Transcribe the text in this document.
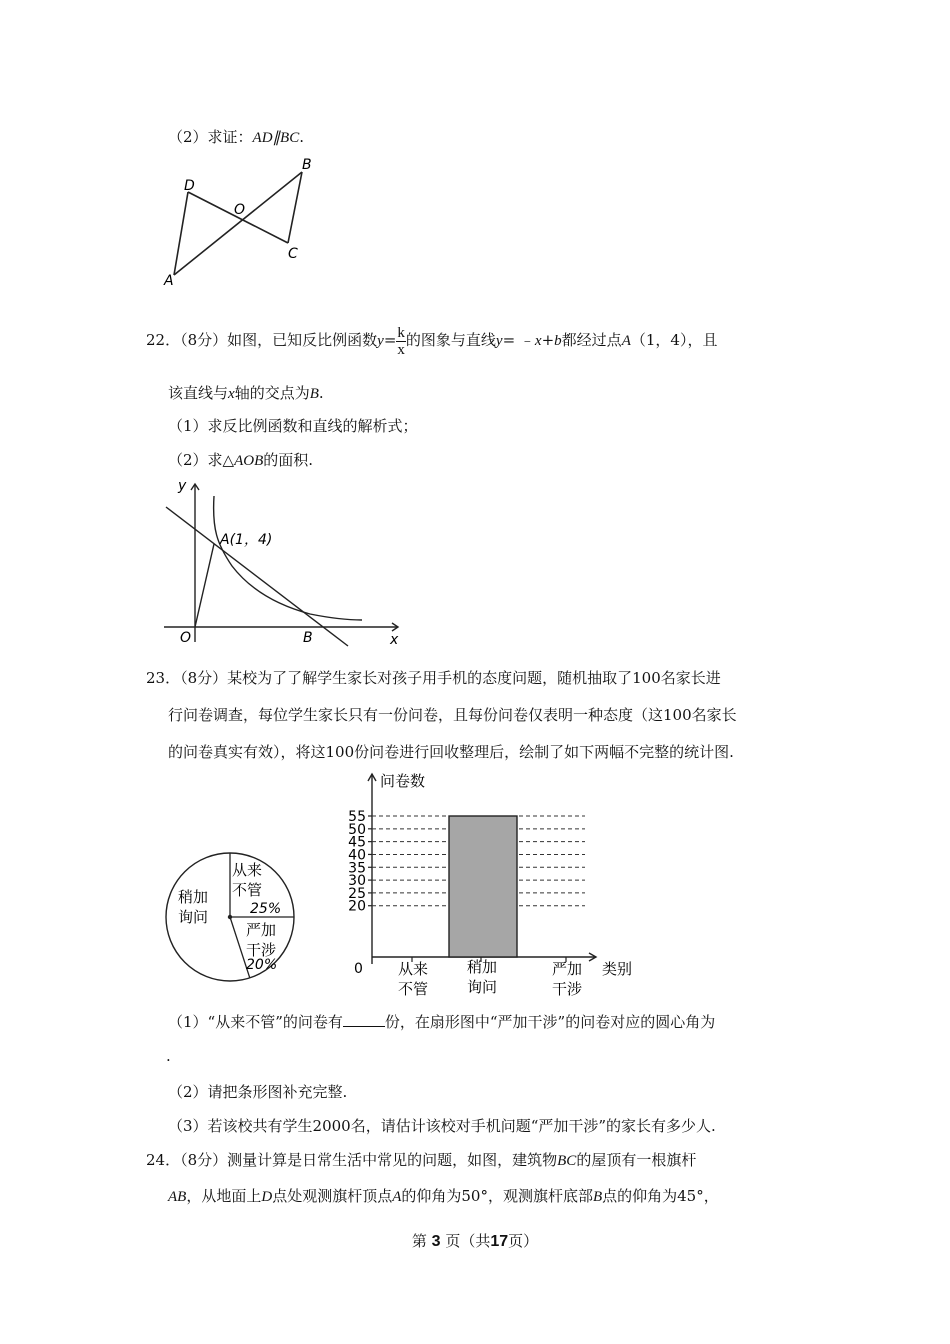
（2）求证：AD∥BC.
D
B
O
C
A
22．（8分）如图，已知反比例函数$y= \frac{k}{x}$ 的图象与直线y= ﹣x+b都经过点A（1，4），且
该直线与x轴的交点为B.
（1）求反比例函数和直线的解析式；
（2）求△AOB的面积.
y
x
O	B
A(1，4)
23．（8分）某校为了了解学生家长对孩子用手机的态度问题，随机抽取了100名家长进
行问卷调查，每位学生家长只有一份问卷，且每份问卷仅表明一种态度（这100名家长
的问卷真实有效），将这100份问卷进行回收整理后，绘制了如下两幅不完整的统计图.
稍加
询问
从来
不管
25%
严加
干涉
20%
20
25
30
35
40
45
50
55
问卷数
类别
0 从来
不管
稍加
询问
严加
干涉
（1）“从来不管”的问卷有	份，在扇形图中“严加干涉”的问卷对应的圆心角为
.
（2）请把条形图补充完整.
（3）若该校共有学生2000名，请估计该校对手机问题“严加干涉”的家长有多少人.
24．（8分）测量计算是日常生活中常见的问题，如图，建筑物BC的屋顶有一根旗杆
AB，从地面上D点处观测旗杆顶点A的仰角为50°，观测旗杆底部B点的仰角为45°，
第 3 页（共17页）
